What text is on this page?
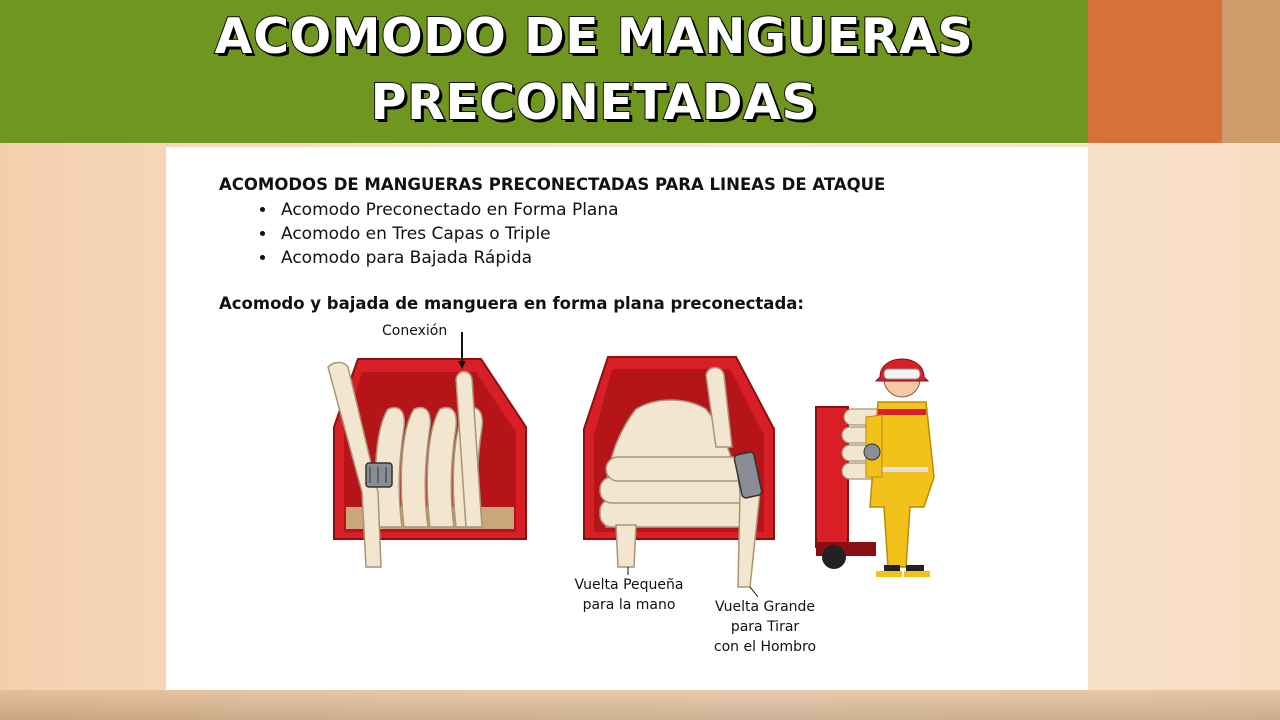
ACOMODO DE MANGUERAS
PRECONETADAS

ACOMODOS DE MANGUERAS PRECONECTADAS PARA LINEAS DE ATAQUE

• Acomodo Preconectado en Forma Plana
• Acomodo en Tres Capas o Triple
• Acomodo para Bajada Rápida

Acomodo y bajada de manguera en forma plana preconectada:

Conexión
Vuelta Pequeña
para la mano	Vuelta Grande
para Tirar
con el Hombro
